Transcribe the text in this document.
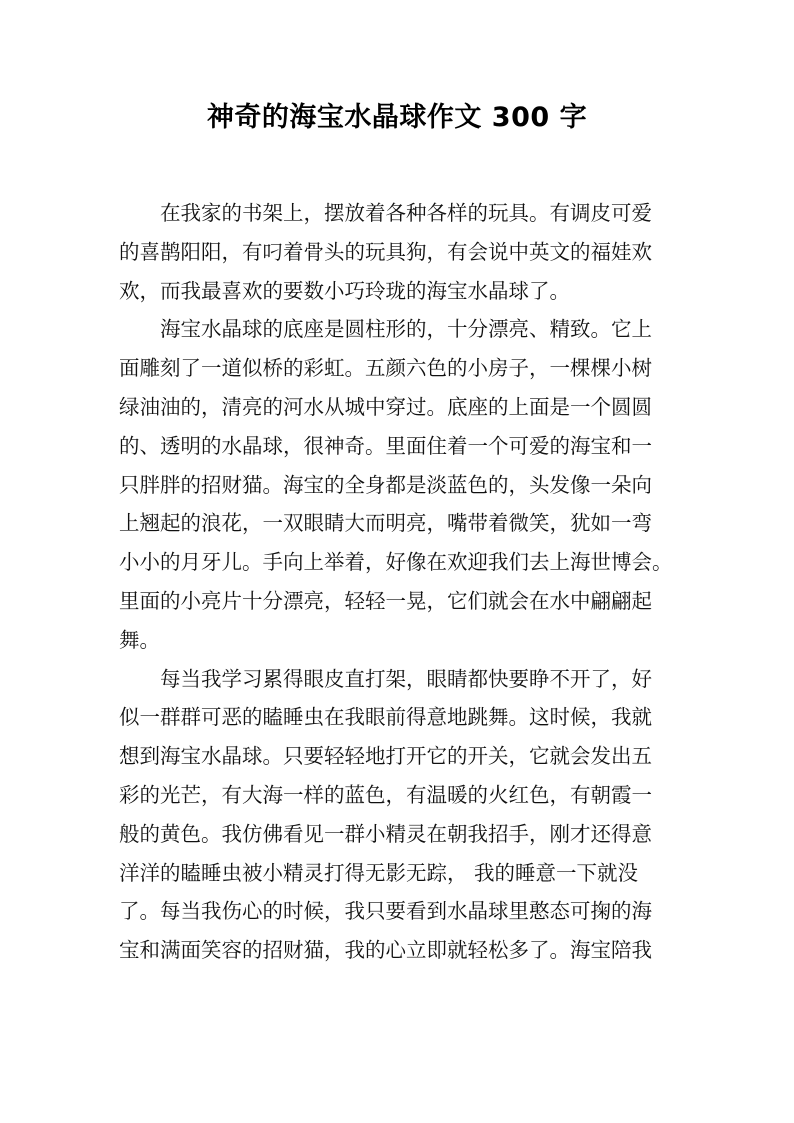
神奇的海宝水晶球作文 300 字
在我家的书架上，摆放着各种各样的玩具。有调皮可爱
的喜鹊阳阳，有叼着骨头的玩具狗，有会说中英文的福娃欢
欢，而我最喜欢的要数小巧玲珑的海宝水晶球了。
海宝水晶球的底座是圆柱形的，十分漂亮、精致。它上
面雕刻了一道似桥的彩虹。五颜六色的小房子，一棵棵小树
绿油油的，清亮的河水从城中穿过。底座的上面是一个圆圆
的、透明的水晶球，很神奇。里面住着一个可爱的海宝和一
只胖胖的招财猫。海宝的全身都是淡蓝色的，头发像一朵向
上翘起的浪花，一双眼睛大而明亮，嘴带着微笑，犹如一弯
小小的月牙儿。手向上举着，好像在欢迎我们去上海世博会。
里面的小亮片十分漂亮，轻轻一晃，它们就会在水中翩翩起
舞。
每当我学习累得眼皮直打架，眼睛都快要睁不开了，好
似一群群可恶的瞌睡虫在我眼前得意地跳舞。这时候，我就
想到海宝水晶球。只要轻轻地打开它的开关，它就会发出五
彩的光芒，有大海一样的蓝色，有温暖的火红色，有朝霞一
般的黄色。我仿佛看见一群小精灵在朝我招手，刚才还得意
洋洋的瞌睡虫被小精灵打得无影无踪， 我的睡意一下就没
了。每当我伤心的时候，我只要看到水晶球里憨态可掬的海
宝和满面笑容的招财猫，我的心立即就轻松多了。海宝陪我
